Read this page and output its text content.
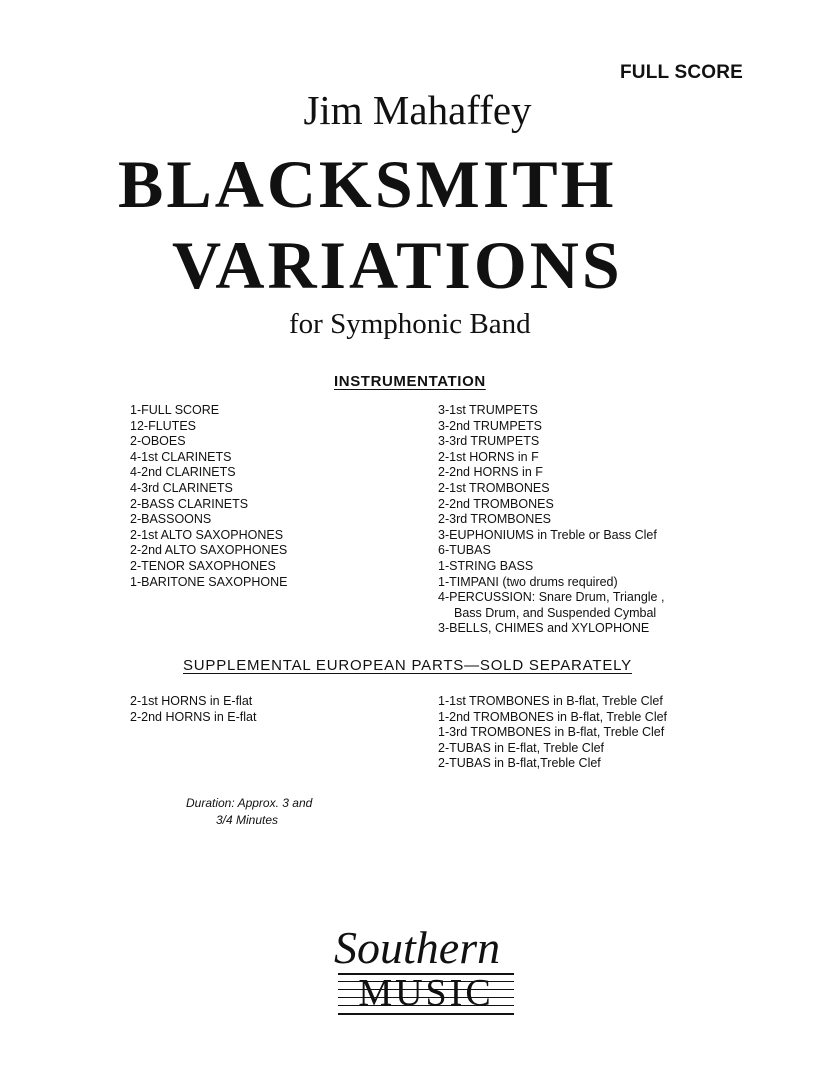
FULL SCORE
Jim Mahaffey
BLACKSMITH
VARIATIONS
for Symphonic Band
INSTRUMENTATION
1-FULL SCORE
12-FLUTES
2-OBOES
4-1st CLARINETS
4-2nd CLARINETS
4-3rd CLARINETS
2-BASS CLARINETS
2-BASSOONS
2-1st ALTO SAXOPHONES
2-2nd ALTO SAXOPHONES
2-TENOR SAXOPHONES
1-BARITONE SAXOPHONE
3-1st TRUMPETS
3-2nd TRUMPETS
3-3rd TRUMPETS
2-1st HORNS in F
2-2nd HORNS in F
2-1st TROMBONES
2-2nd TROMBONES
2-3rd TROMBONES
3-EUPHONIUMS in Treble or Bass Clef
6-TUBAS
1-STRING BASS
1-TIMPANI (two drums required)
4-PERCUSSION: Snare Drum, Triangle ,
Bass Drum, and Suspended Cymbal
3-BELLS, CHIMES and XYLOPHONE
SUPPLEMENTAL EUROPEAN PARTS—SOLD SEPARATELY
2-1st HORNS in E-flat
2-2nd HORNS in E-flat
1-1st TROMBONES in B-flat, Treble Clef
1-2nd TROMBONES in B-flat, Treble Clef
1-3rd TROMBONES in B-flat, Treble Clef
2-TUBAS in E-flat, Treble Clef
2-TUBAS in B-flat,Treble Clef
Duration: Approx. 3 and
3/4 Minutes
Southern
MUSIC
